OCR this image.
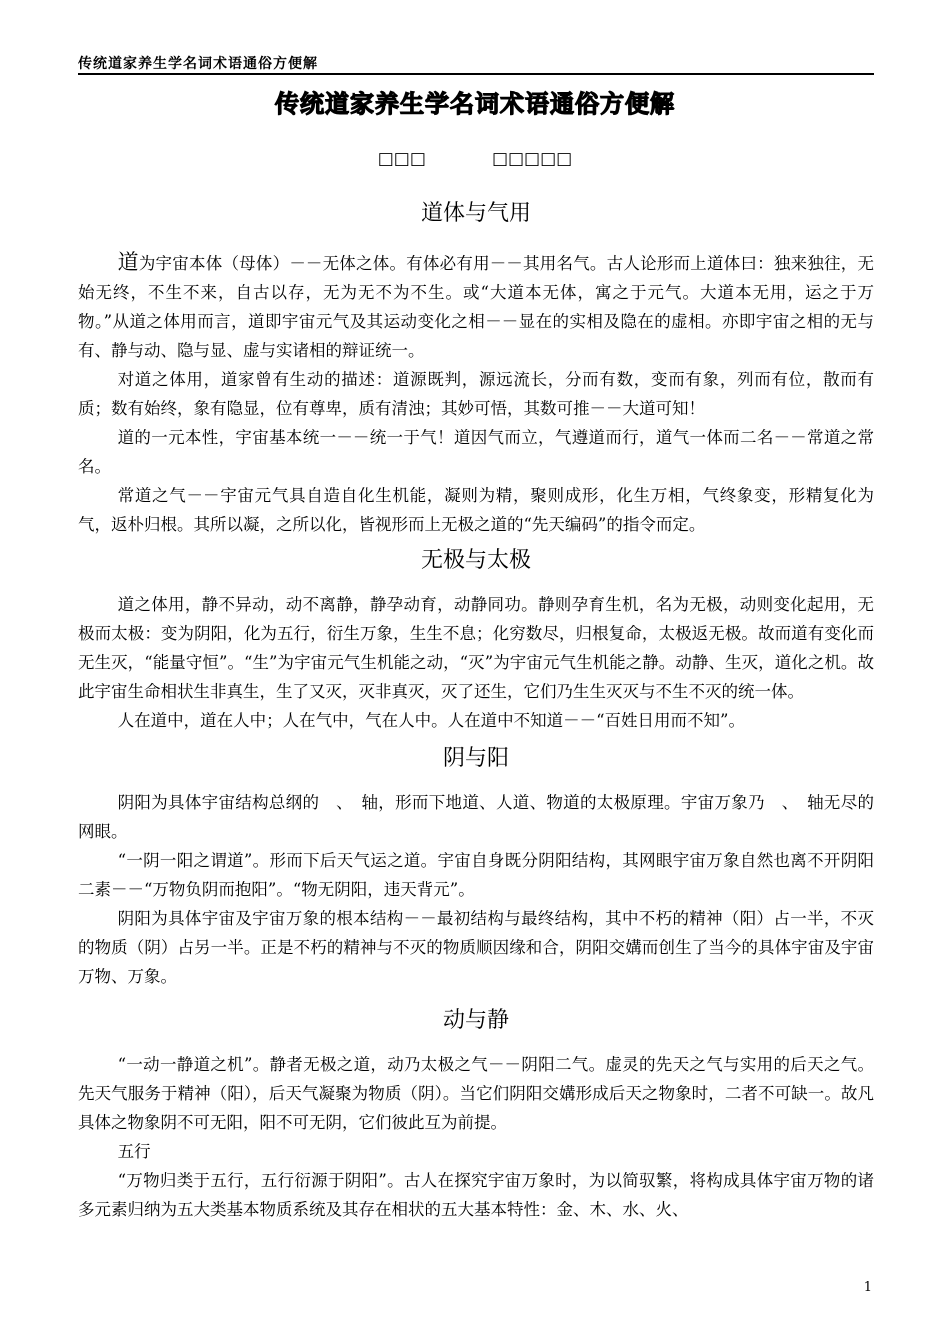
传统道家养生学名词术语通俗方便解
传统道家养生学名词术语通俗方便解
□□□	□□□□□
道体与气用

道为宇宙本体（母体）－－无体之体。有体必有用－－其用名气。古人论形而上道体曰：独来独往，无始无终，不生不来，自古以存，无为无不为不生。或“大道本无体，寓之于元气。大道本无用，运之于万物。”从道之体用而言，道即宇宙元气及其运动变化之相－－显在的实相及隐在的虚相。亦即宇宙之相的无与有、静与动、隐与显、虚与实诸相的辩证统一。

对道之体用，道家曾有生动的描述：道源既判，源远流长，分而有数，变而有象，列而有位，散而有质；数有始终，象有隐显，位有尊卑，质有清浊；其妙可悟，其数可推－－大道可知！

道的一元本性，宇宙基本统一－－统一于气！道因气而立，气遵道而行，道气一体而二名－－常道之常名。

常道之气－－宇宙元气具自造自化生机能，凝则为精，聚则成形，化生万相，气终象变，形精复化为气，返朴归根。其所以凝，之所以化，皆视形而上无极之道的“先天编码”的指令而定。

无极与太极

道之体用，静不异动，动不离静，静孕动育，动静同功。静则孕育生机，名为无极，动则变化起用，无极而太极：变为阴阳，化为五行，衍生万象，生生不息；化穷数尽，归根复命，太极返无极。故而道有变化而无生灭，“能量守恒”。“生”为宇宙元气生机能之动，“灭”为宇宙元气生机能之静。动静、生灭，道化之机。故此宇宙生命相状生非真生，生了又灭，灭非真灭，灭了还生，它们乃生生灭灭与不生不灭的统一体。

人在道中，道在人中；人在气中，气在人中。人在道中不知道－－“百姓日用而不知”。

阴与阳

阴阳为具体宇宙结构总纲的　、　轴，形而下地道、人道、物道的太极原理。宇宙万象乃　、　轴无尽的网眼。

“一阴一阳之谓道”。形而下后天气运之道。宇宙自身既分阴阳结构，其网眼宇宙万象自然也离不开阴阳二素－－“万物负阴而抱阳”。“物无阴阳，违天背元”。

阴阳为具体宇宙及宇宙万象的根本结构－－最初结构与最终结构，其中不朽的精神（阳）占一半，不灭的物质（阴）占另一半。正是不朽的精神与不灭的物质顺因缘和合，阴阳交媾而创生了当今的具体宇宙及宇宙万物、万象。

动与静

“一动一静道之机”。静者无极之道，动乃太极之气－－阴阳二气。虚灵的先天之气与实用的后天之气。先天气服务于精神（阳），后天气凝聚为物质（阴）。当它们阴阳交媾形成后天之物象时，二者不可缺一。故凡具体之物象阴不可无阳，阳不可无阴，它们彼此互为前提。

五行

“万物归类于五行，五行衍源于阴阳”。古人在探究宇宙万象时，为以简驭繁，将构成具体宇宙万物的诸多元素归纳为五大类基本物质系统及其存在相状的五大基本特性：金、木、水、火、

1
